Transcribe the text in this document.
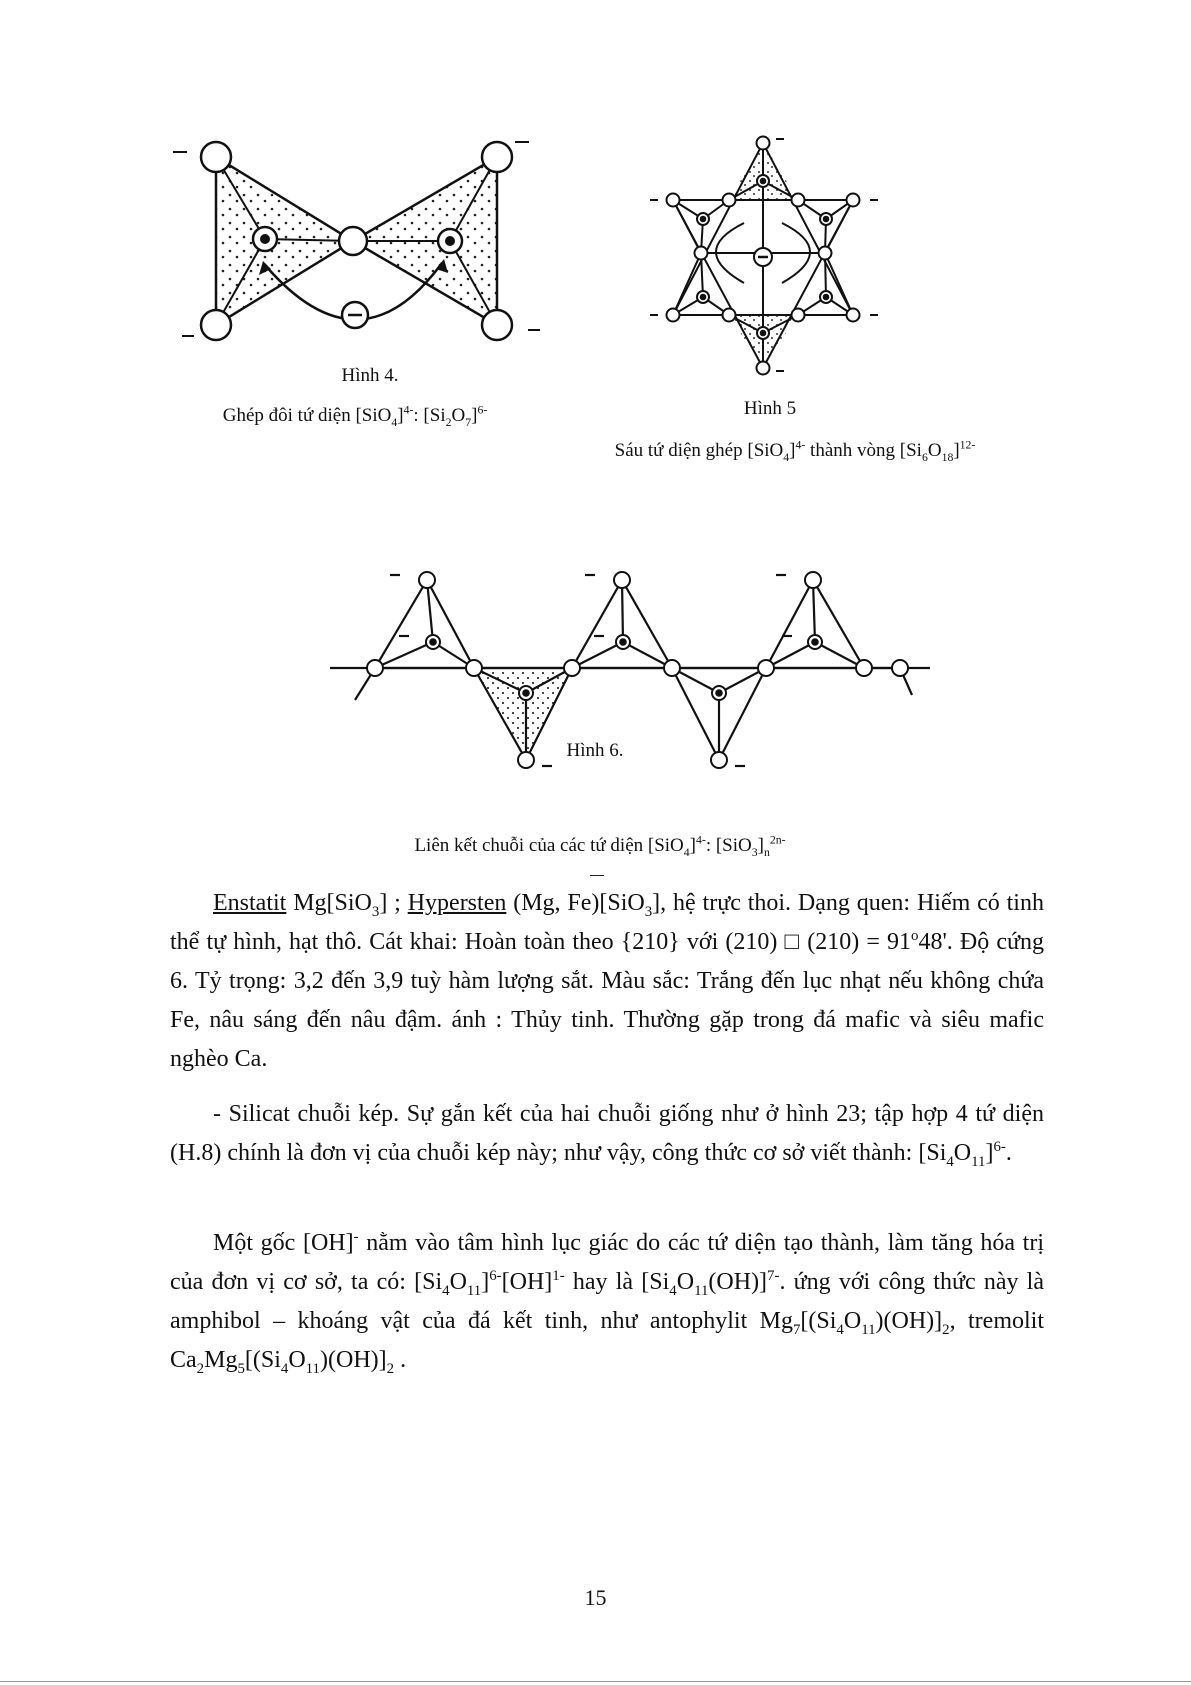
Hình 4.
Ghép đôi tứ diện $[SiO_4]^{4-}$: $[Si_2O_7]^{6-}$	Hình 5
Sáu tứ diện ghép $[SiO_4]^{4-}$ thành vòng $[Si_6O_{18}]^{12-}$
Hình 6.
Liên kết chuỗi của các tứ diện $[SiO_4]^{4-}$: $[SiO_3]_n^{2n-}$

Enstatit Mg[SiO$_3$] ; Hypersten (Mg, Fe)[SiO$_3$], hệ trực thoi. Dạng quen: Hiếm có tinh thể tự hình, hạt thô. Cát khai: Hoàn toàn theo {210} với (210) □ $(210) = 91^o48'$. Độ cứng 6. Tỷ trọng: 3,2 đến 3,9 tuỳ hàm lượng sắt. Màu sắc: Trắng đến lục nhạt nếu không chứa Fe, nâu sáng đến nâu đậm. ánh : Thủy tinh. Thường gặp trong đá mafic và siêu mafic nghèo Ca.

- Silicat chuỗi kép. Sự gắn kết của hai chuỗi giống như ở hình 23; tập hợp 4 tứ diện (H.8) chính là đơn vị của chuỗi kép này; như vậy, công thức cơ sở viết thành: $[Si_4O_{11}]^{6-}$.

Một gốc [OH]- nằm vào tâm hình lục giác do các tứ diện tạo thành, làm tăng hóa trị của đơn vị cơ sở, ta có: $[Si_4O_{11}]^{6-}[OH]^{1-}$ hay là $[Si_4O_{11}(OH)]^{7-}$. ứng với công thức này là amphibol – khoáng vật của đá kết tinh, như antophylit $Mg_7[(Si_4O_{11})(OH)]_2$, tremolit $Ca_2Mg_5[(Si_4O_{11})(OH)]_2$ .

15
